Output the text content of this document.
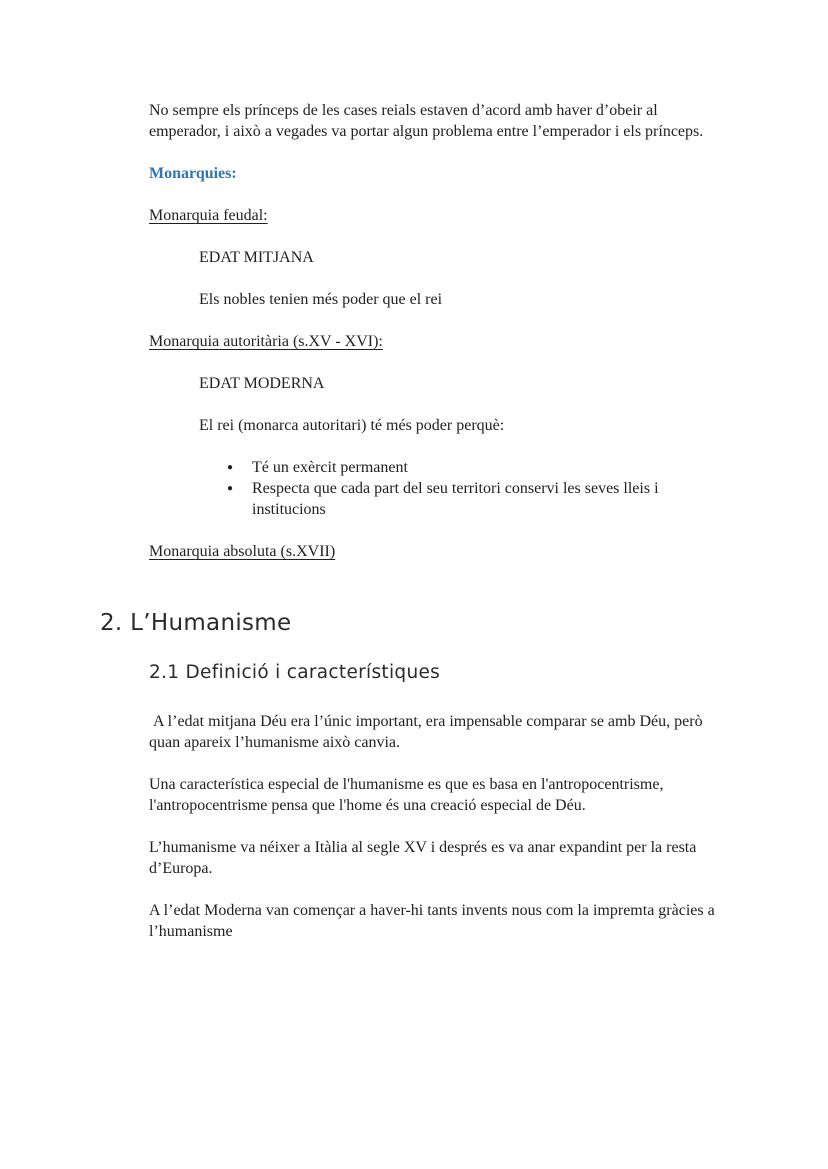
No sempre els prínceps de les cases reials estaven d’acord amb haver d’obeir al emperador, i això a vegades va portar algun problema entre l’emperador i els prínceps.

Monarquies:

Monarquia feudal:

EDAT MITJANA

Els nobles tenien més poder que el rei

Monarquia autoritària (s.XV - XVI):

EDAT MODERNA

El rei (monarca autoritari) té més poder perquè:

● Té un exèrcit permanent
● Respecta que cada part del seu territori conservi les seves lleis i institucions

Monarquia absoluta (s.XVII)

2. L’Humanisme
2.1 Definició i característiques

A l’edat mitjana Déu era l’únic important, era impensable comparar se amb Déu, però quan apareix l’humanisme això canvia.

Una característica especial de l'humanisme es que es basa en l'antropocentrisme, l'antropocentrisme pensa que l'home és una creació especial de Déu.

L’humanisme va néixer a Itàlia al segle XV i després es va anar expandint per la resta d’Europa.

A l’edat Moderna van començar a haver-hi tants invents nous com la impremta gràcies a l’humanisme
